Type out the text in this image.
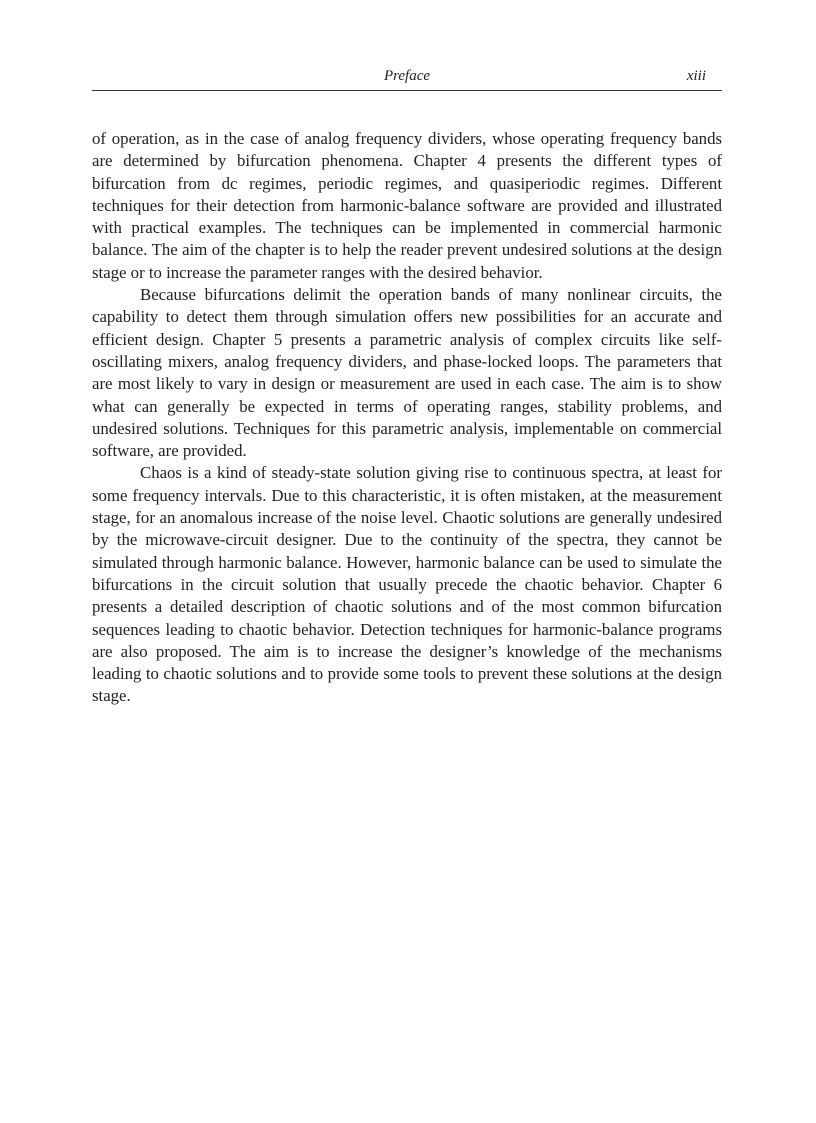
Preface	xiii

of operation, as in the case of analog frequency dividers, whose operating frequency bands are determined by bifurcation phenomena. Chapter 4 presents the different types of bifurcation from dc regimes, periodic regimes, and quasiperiodic regimes. Different techniques for their detection from harmonic-balance software are provided and illustrated with practical examples. The techniques can be implemented in commercial harmonic balance. The aim of the chapter is to help the reader prevent undesired solutions at the design stage or to increase the parameter ranges with the desired behavior.

Because bifurcations delimit the operation bands of many nonlinear circuits, the capability to detect them through simulation offers new possibilities for an accurate and efficient design. Chapter 5 presents a parametric analysis of complex circuits like self-oscillating mixers, analog frequency dividers, and phase-locked loops. The parameters that are most likely to vary in design or measurement are used in each case. The aim is to show what can generally be expected in terms of operating ranges, stability problems, and undesired solutions. Techniques for this parametric analysis, implementable on commercial software, are provided.

Chaos is a kind of steady-state solution giving rise to continuous spectra, at least for some frequency intervals. Due to this characteristic, it is often mistaken, at the measurement stage, for an anomalous increase of the noise level. Chaotic solutions are generally undesired by the microwave-circuit designer. Due to the continuity of the spectra, they cannot be simulated through harmonic balance. However, harmonic balance can be used to simulate the bifurcations in the circuit solution that usually precede the chaotic behavior. Chapter 6 presents a detailed description of chaotic solutions and of the most common bifurcation sequences leading to chaotic behavior. Detection techniques for harmonic-balance programs are also proposed. The aim is to increase the designer’s knowledge of the mechanisms leading to chaotic solutions and to provide some tools to prevent these solutions at the design stage.
